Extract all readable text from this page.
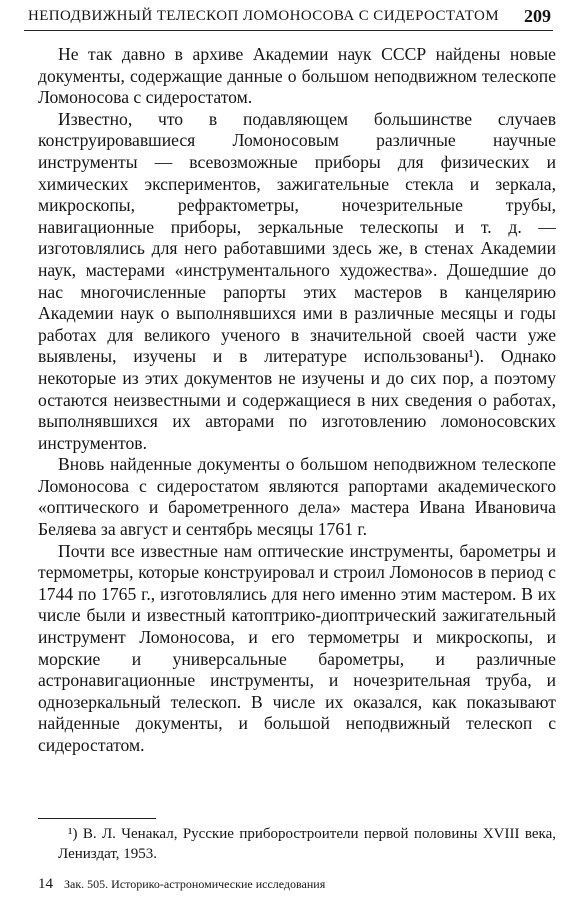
НЕПОДВИЖНЫЙ ТЕЛЕСКОП ЛОМОНОСОВА С СИДЕРОСТАТОМ 209

Не так давно в архиве Академии наук СССР найдены новые документы, содержащие данные о большом неподвижном телескопе Ломоносова с сидеростатом.

Известно, что в подавляющем большинстве случаев конструировавшиеся Ломоносовым различные научные инструменты — всевозможные приборы для физических и химических экспериментов, зажигательные стекла и зеркала, микроскопы, рефрактометры, ночезрительные трубы, навигационные приборы, зеркальные телескопы и т. д. — изготовлялись для него работавшими здесь же, в стенах Академии наук, мастерами «инструментального художества». Дошедшие до нас многочисленные рапорты этих мастеров в канцелярию Академии наук о выполнявшихся ими в различные месяцы и годы работах для великого ученого в значительной своей части уже выявлены, изучены и в литературе использованы¹). Однако некоторые из этих документов не изучены и до сих пор, а поэтому остаются неизвестными и содержащиеся в них сведения о работах, выполнявшихся их авторами по изготовлению ломоносовских инструментов.

Вновь найденные документы о большом неподвижном телескопе Ломоносова с сидеростатом являются рапортами академического «оптического и барометренного дела» мастера Ивана Ивановича Беляева за август и сентябрь месяцы 1761 г.

Почти все известные нам оптические инструменты, барометры и термометры, которые конструировал и строил Ломоносов в период с 1744 по 1765 г., изготовлялись для него именно этим мастером. В их числе были и известный катоптрико-диоптрический зажигательный инструмент Ломоносова, и его термометры и микроскопы, и морские и универсальные барометры, и различные астронавигационные инструменты, и ночезрительная труба, и однозеркальный телескоп. В числе их оказался, как показывают найденные документы, и большой неподвижный телескоп с сидеростатом.

¹) В. Л. Ченакал, Русские приборостроители первой половины XVIII века, Лениздат, 1953.
14 Зак. 505. Историко-астрономические исследования
